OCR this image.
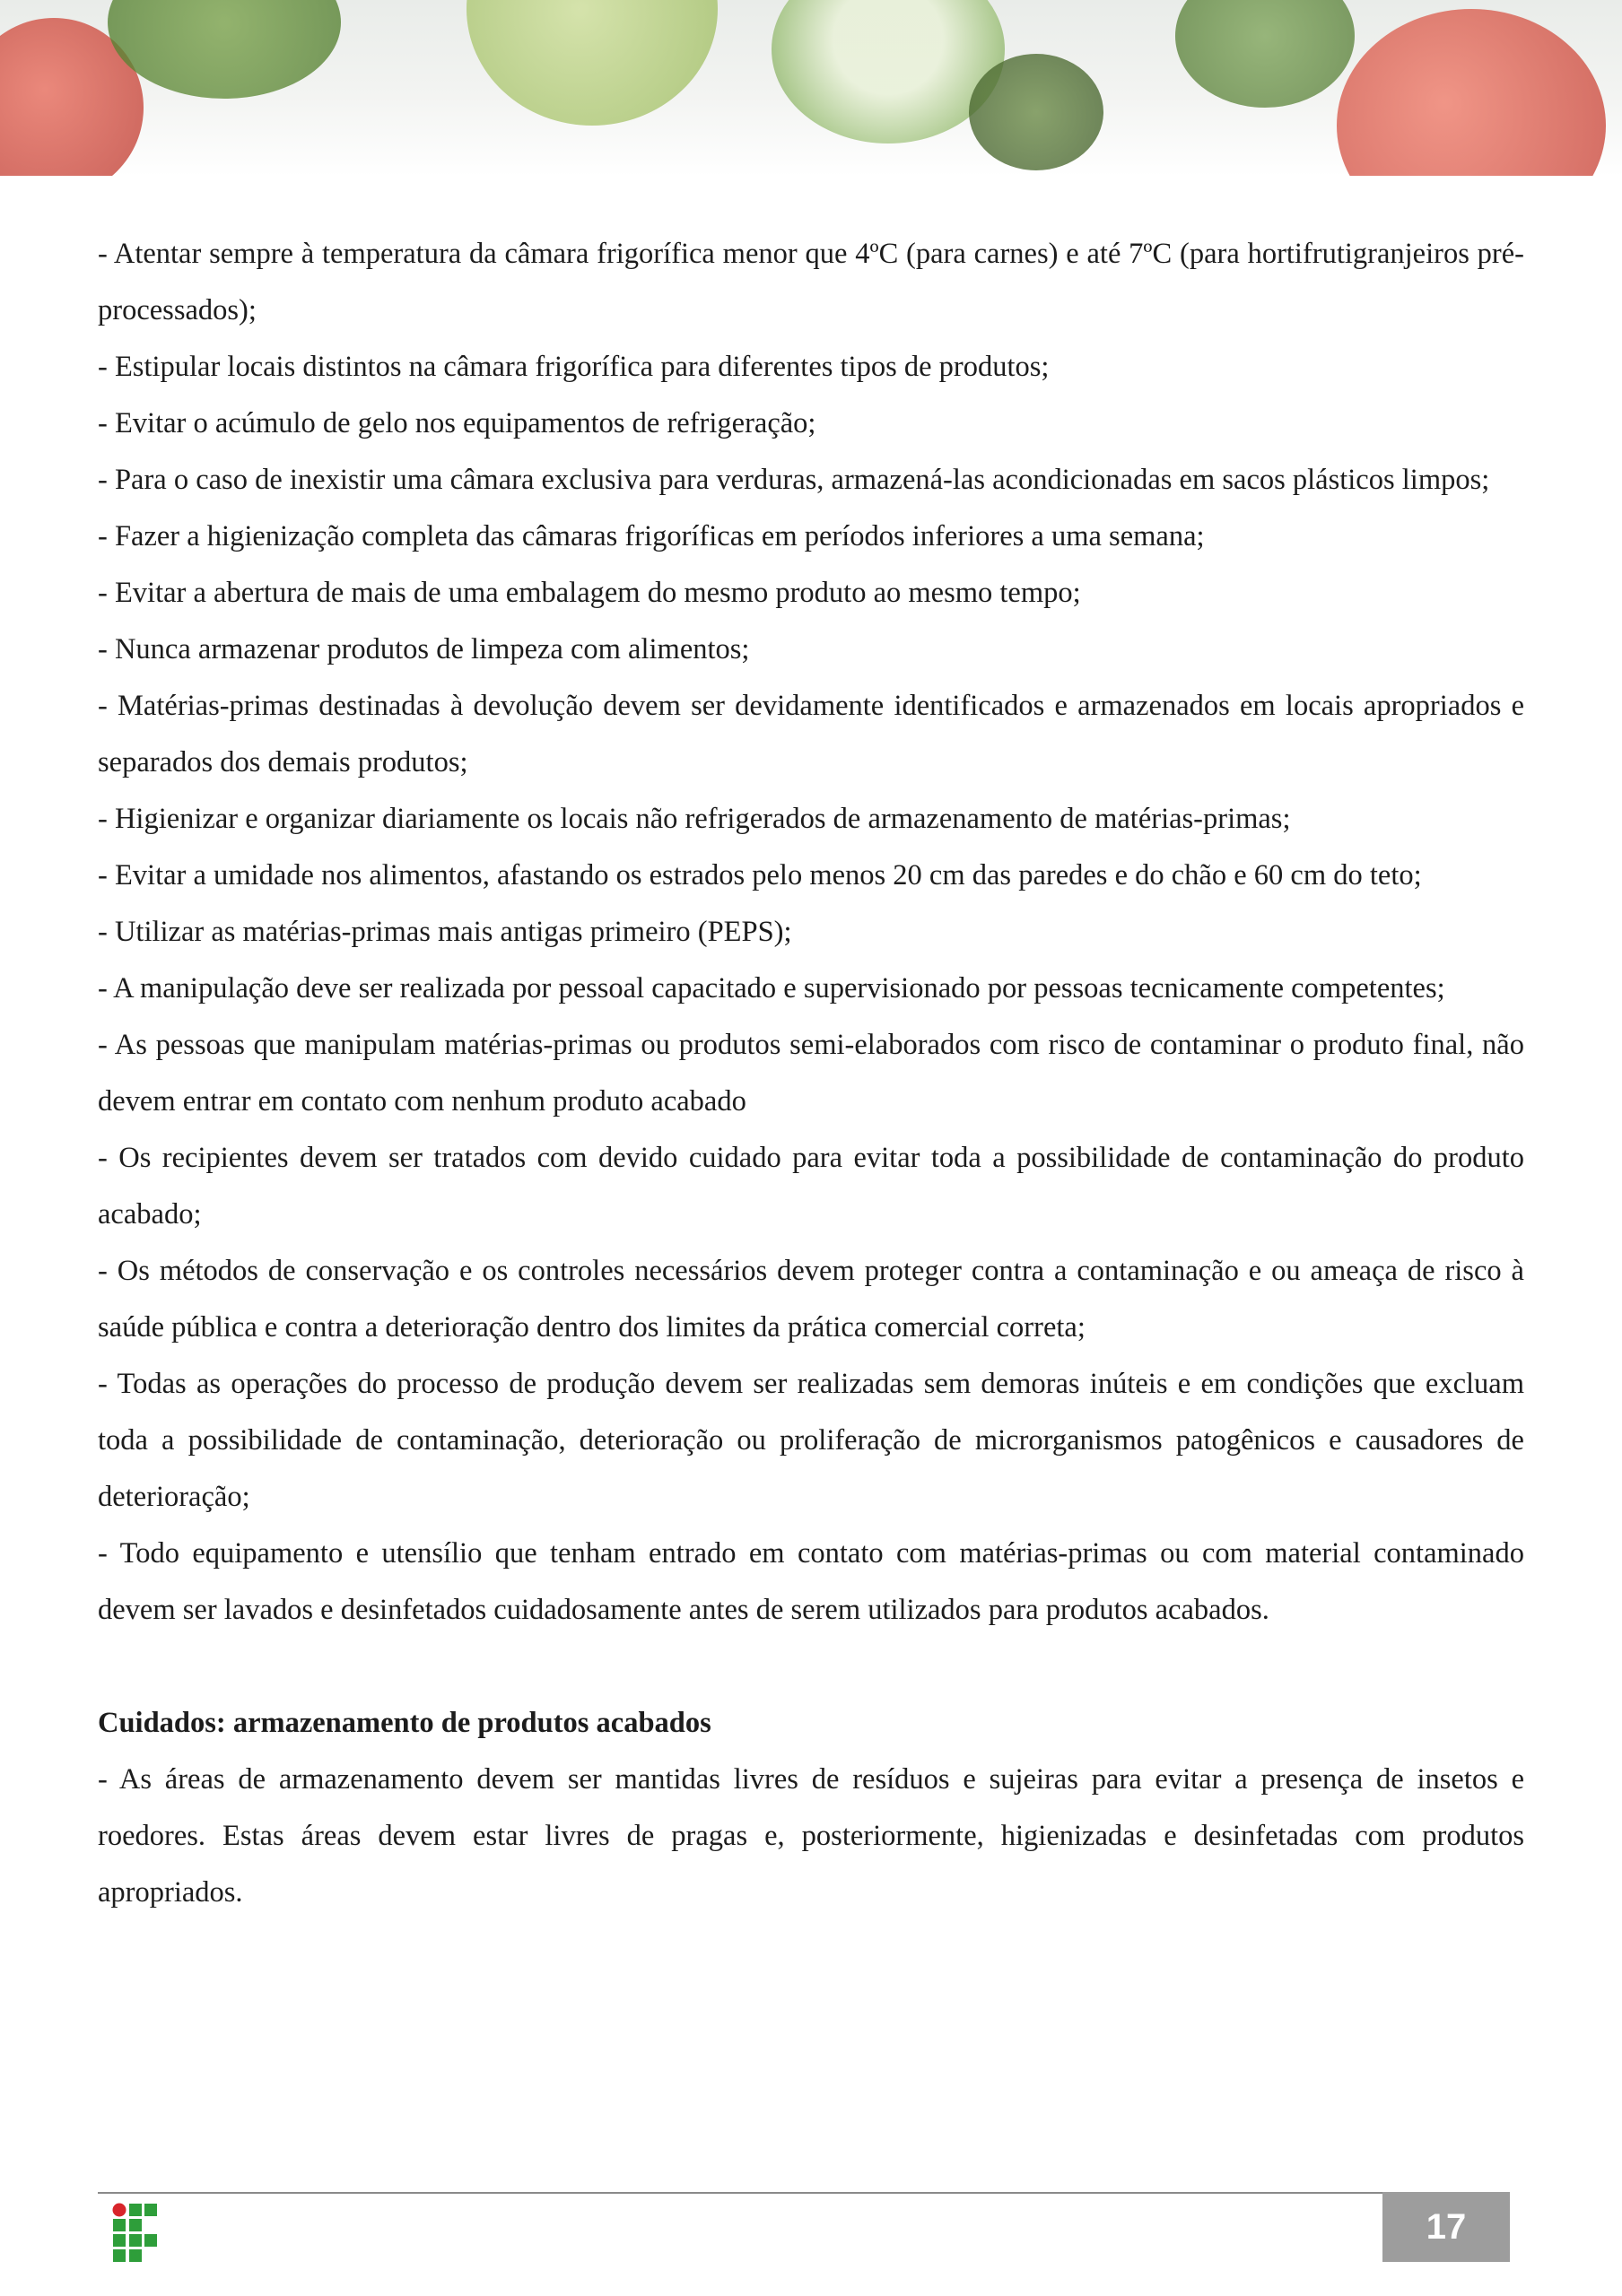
- Atentar sempre à temperatura da câmara frigorífica menor que 4ºC (para carnes) e até 7ºC (para hortifrutigranjeiros pré-processados);

- Estipular locais distintos na câmara frigorífica para diferentes tipos de produtos;

- Evitar o acúmulo de gelo nos equipamentos de refrigeração;

- Para o caso de inexistir uma câmara exclusiva para verduras, armazená-las acondicionadas em sacos plásticos limpos;

- Fazer a higienização completa das câmaras frigoríficas em períodos inferiores a uma semana;

- Evitar a abertura de mais de uma embalagem do mesmo produto ao mesmo tempo;

- Nunca armazenar produtos de limpeza com alimentos;

- Matérias-primas destinadas à devolução devem ser devidamente identificados e armazenados em locais apropriados e separados dos demais produtos;

- Higienizar e organizar diariamente os locais não refrigerados de armazenamento de matérias-primas;

- Evitar a umidade nos alimentos, afastando os estrados pelo menos 20 cm das paredes e do chão e 60 cm do teto;

- Utilizar as matérias-primas mais antigas primeiro (PEPS);

- A manipulação deve ser realizada por pessoal capacitado e supervisionado por pessoas tecnicamente competentes;

- As pessoas que manipulam matérias-primas ou produtos semi-elaborados com risco de contaminar o produto final, não devem entrar em contato com nenhum produto acabado

- Os recipientes devem ser tratados com devido cuidado para evitar toda a possibilidade de contaminação do produto acabado;

- Os métodos de conservação e os controles necessários devem proteger contra a contaminação e ou ameaça de risco à saúde pública e contra a deterioração dentro dos limites da prática comercial correta;

- Todas as operações do processo de produção devem ser realizadas sem demoras inúteis e em condições que excluam toda a possibilidade de contaminação, deterioração ou proliferação de microrganismos patogênicos e causadores de deterioração;

- Todo equipamento e utensílio que tenham entrado em contato com matérias-primas ou com material contaminado devem ser lavados e desinfetados cuidadosamente antes de serem utilizados para produtos acabados.

Cuidados: armazenamento de produtos acabados

- As áreas de armazenamento devem ser mantidas livres de resíduos e sujeiras para evitar a presença de insetos e roedores. Estas áreas devem estar livres de pragas e, posteriormente, higienizadas e desinfetadas com produtos apropriados.

17
